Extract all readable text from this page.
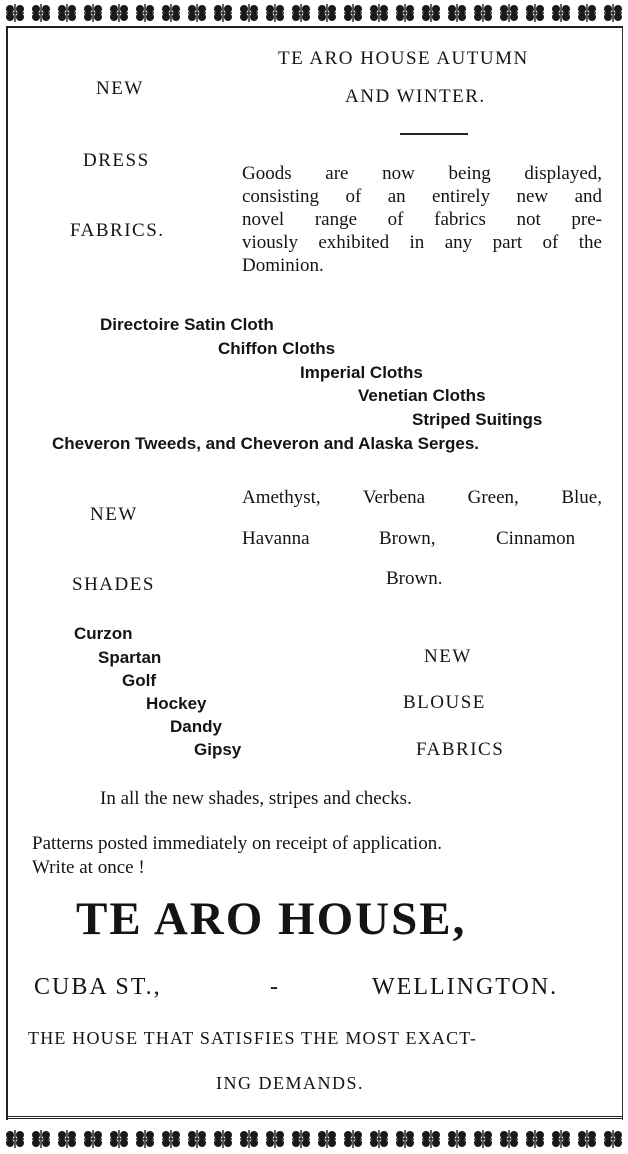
TE ARO HOUSE AUTUMN
AND WINTER.
NEW
DRESS
FABRICS.
Goods are now being displayed,
consisting of an entirely new and
novel range of fabrics not pre-
viously exhibited in any part of the
Dominion.
Directoire Satin Cloth
Chiffon Cloths
Imperial Cloths
Venetian Cloths
Striped Suitings
Cheveron Tweeds, and Cheveron and Alaska Serges.
NEW
SHADES
Amethyst, Verbena Green, Blue,
Havanna	Brown,	Cinnamon
Brown.
Curzon
Spartan
Golf
Hockey
Dandy
Gipsy
NEW
BLOUSE
FABRICS
In all the new shades, stripes and checks.
Patterns posted immediately on receipt of application.
Write at once !
TE ARO HOUSE,
CUBA ST.,	-	WELLINGTON.
THE HOUSE THAT SATISFIES THE MOST EXACT-
ING DEMANDS.
